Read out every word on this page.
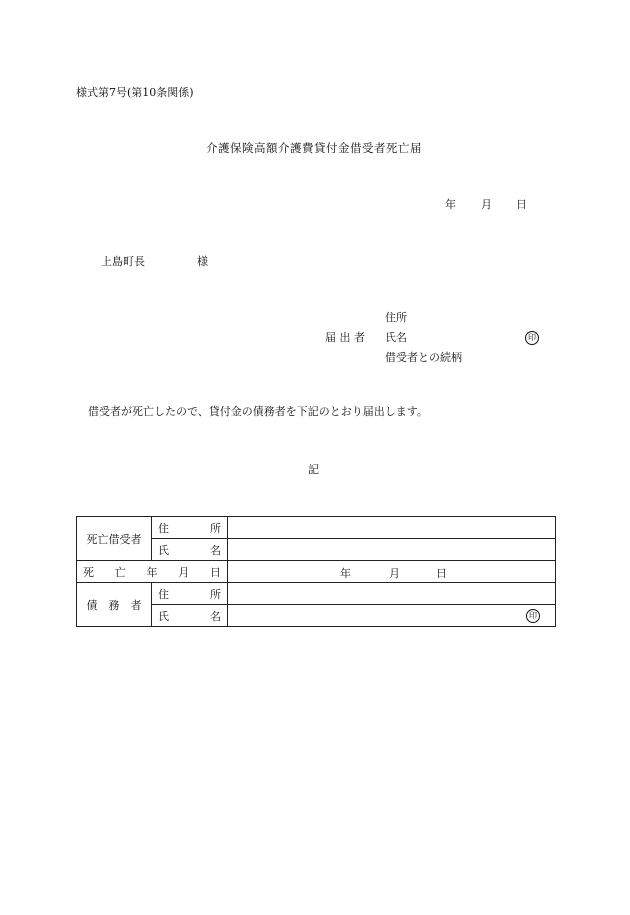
様式第7号(第10条関係)
介護保険高額介護費貸付金借受者死亡届
年 月 日
上島町長	様
住所
届 出 者 氏名	印
借受者との続柄
借受者が死亡したので、貸付金の債務者を下記のとおり届出します。
記
死亡借受者	住 所	

	氏 名	

死 亡 年 月 日		年 月 日

債　務　者	住 所	

	氏 名	印
